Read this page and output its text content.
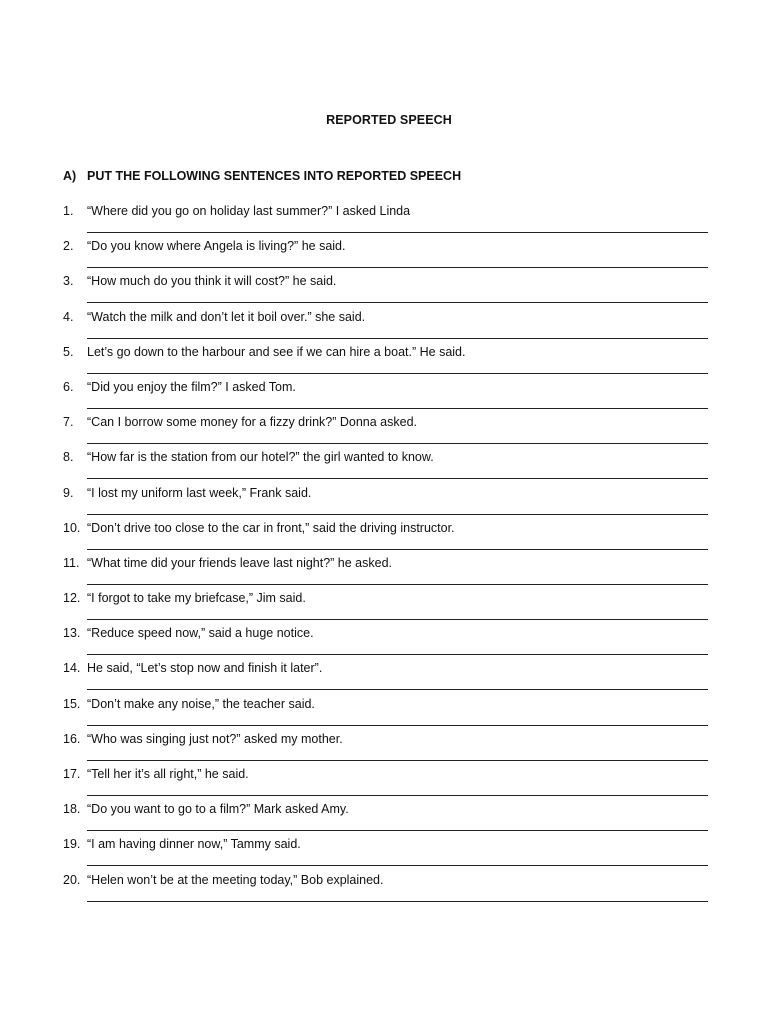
REPORTED SPEECH
A) PUT THE FOLLOWING SENTENCES INTO REPORTED SPEECH
1. “Where did you go on holiday last summer?” I asked Linda
2. “Do you know where Angela is living?” he said.
3. “How much do you think it will cost?” he said.
4. “Watch the milk and don’t let it boil over.” she said.
5. Let’s go down to the harbour and see if we can hire a boat.” He said.
6. “Did you enjoy the film?” I asked Tom.
7. “Can I borrow some money for a fizzy drink?” Donna asked.
8. “How far is the station from our hotel?” the girl wanted to know.
9. “I lost my uniform last week,” Frank said.
10. “Don’t drive too close to the car in front,” said the driving instructor.
11. “What time did your friends leave last night?” he asked.
12. “I forgot to take my briefcase,” Jim said.
13. “Reduce speed now,” said a huge notice.
14. He said, “Let’s stop now and finish it later”.
15. “Don’t make any noise,” the teacher said.
16. “Who was singing just not?” asked my mother.
17. “Tell her it’s all right,” he said.
18. “Do you want to go to a film?” Mark asked Amy.
19. “I am having dinner now,” Tammy said.
20. “Helen won’t be at the meeting today,” Bob explained.
